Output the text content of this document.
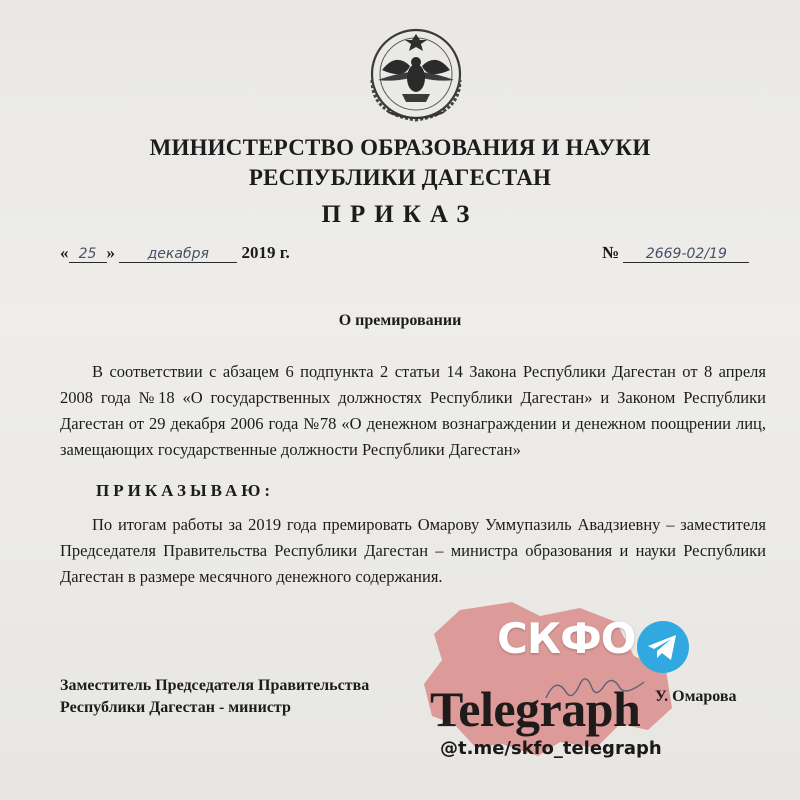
МИНИСТЕРСТВО ОБРАЗОВАНИЯ И НАУКИ
РЕСПУБЛИКИ ДАГЕСТАН
ПРИКАЗ
« 25 » декабря 2019 г.	№ 2669-02/19
О премировании
В соответствии с абзацем 6 подпункта 2 статьи 14 Закона Республики Дагестан от 8 апреля 2008 года №18 «О государственных должностях Республики Дагестан» и Законом Республики Дагестан от 29 декабря 2006 года №78 «О денежном вознаграждении и денежном поощрении лиц, замещающих государственные должности Республики Дагестан»
ПРИКАЗЫВАЮ:
По итогам работы за 2019 года премировать Омарову Уммупазиль Авадзиевну – заместителя Председателя Правительства Республики Дагестан – министра образования и науки Республики Дагестан в размере месячного денежного содержания.
СКФО
Заместитель Председателя Правительства
Республики Дагестан - министр
У. Омарова
Telegraph
@t.me/skfo_telegraph
